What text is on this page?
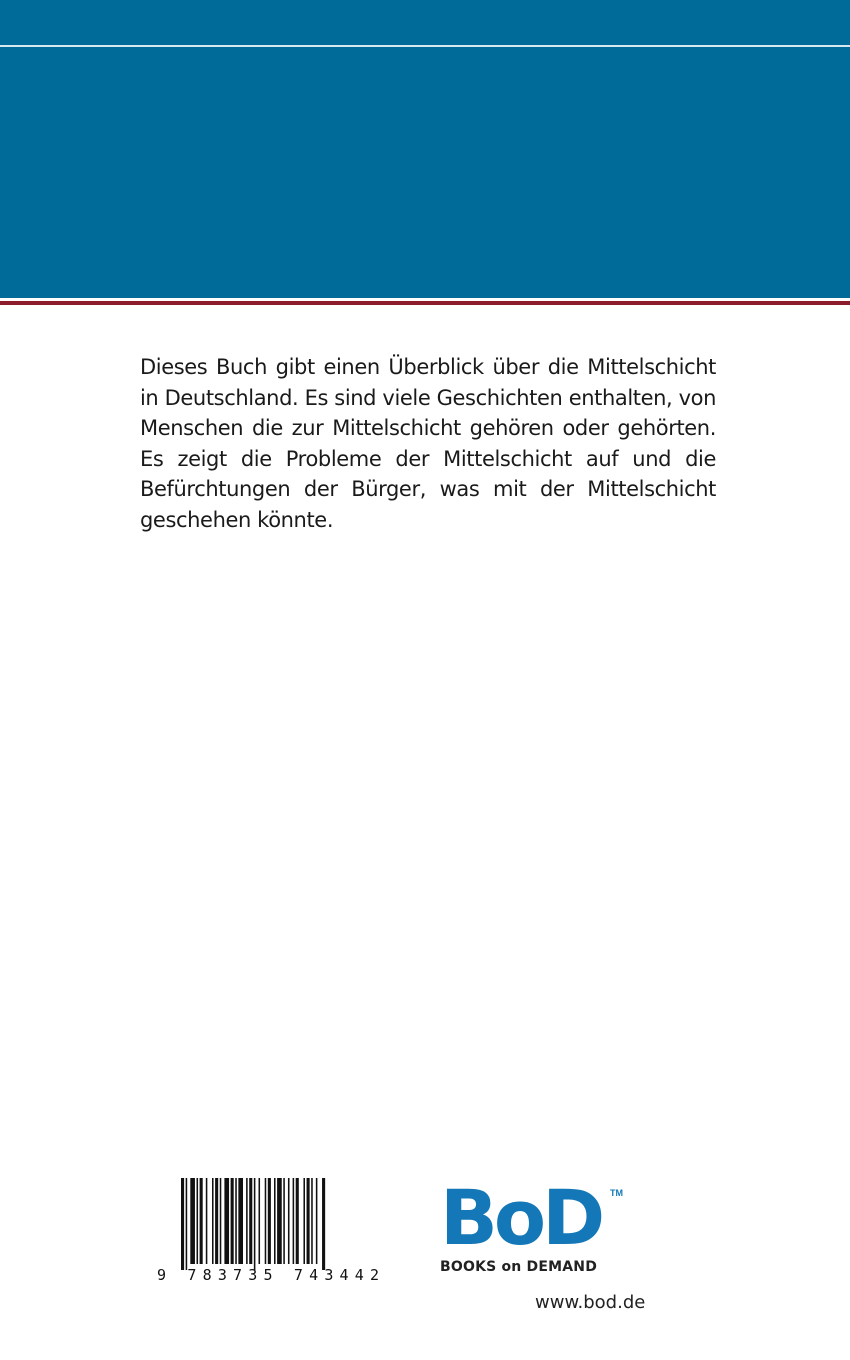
Dieses Buch gibt einen Überblick über die Mittelschicht in Deutschland. Es sind viele Geschichten enthalten, von Menschen die zur Mittelschicht gehören oder gehörten. Es zeigt die Probleme der Mittelschicht auf und die Befürchtungen der Bürger, was mit der Mittelschicht geschehen könnte.

9 783735 743442
BoD TM
BOOKS on DEMAND
www.bod.de
